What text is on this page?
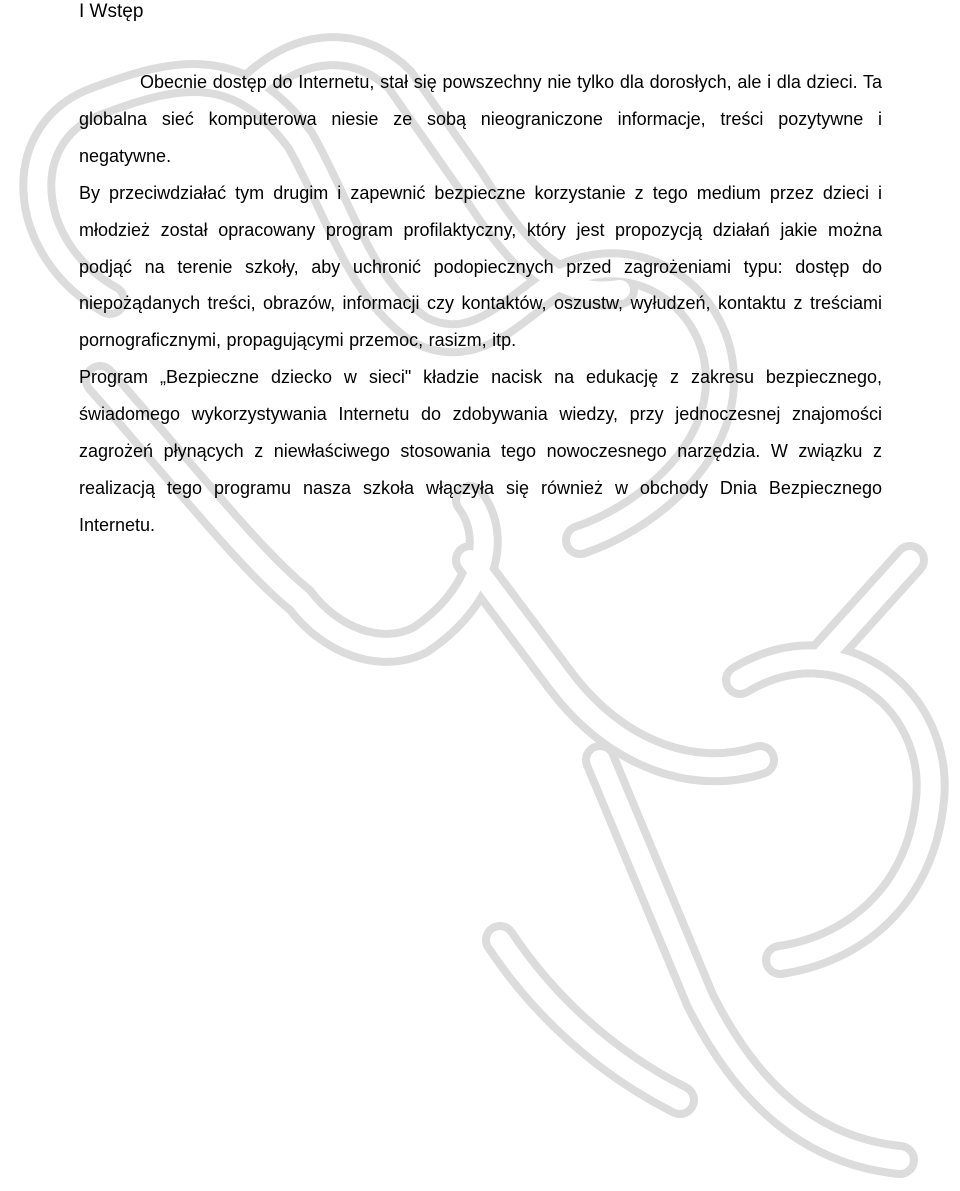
I Wstęp

Obecnie dostęp do Internetu, stał się powszechny nie tylko dla dorosłych, ale i dla dzieci. Ta globalna sieć komputerowa niesie ze sobą nieograniczone informacje, treści pozytywne i negatywne.

By przeciwdziałać tym drugim i zapewnić bezpieczne korzystanie z tego medium przez dzieci i młodzież został opracowany program profilaktyczny, który jest propozycją działań jakie można podjąć na terenie szkoły, aby uchronić podopiecznych przed zagrożeniami typu: dostęp do niepożądanych treści, obrazów, informacji czy kontaktów, oszustw, wyłudzeń, kontaktu z treściami pornograficznymi, propagującymi przemoc, rasizm, itp.

Program „Bezpieczne dziecko w sieci" kładzie nacisk na edukację z zakresu bezpiecznego, świadomego wykorzystywania Internetu do zdobywania wiedzy, przy jednoczesnej znajomości zagrożeń płynących z niewłaściwego stosowania tego nowoczesnego narzędzia. W związku z realizacją tego programu nasza szkoła włączyła się również w obchody Dnia Bezpiecznego Internetu.
